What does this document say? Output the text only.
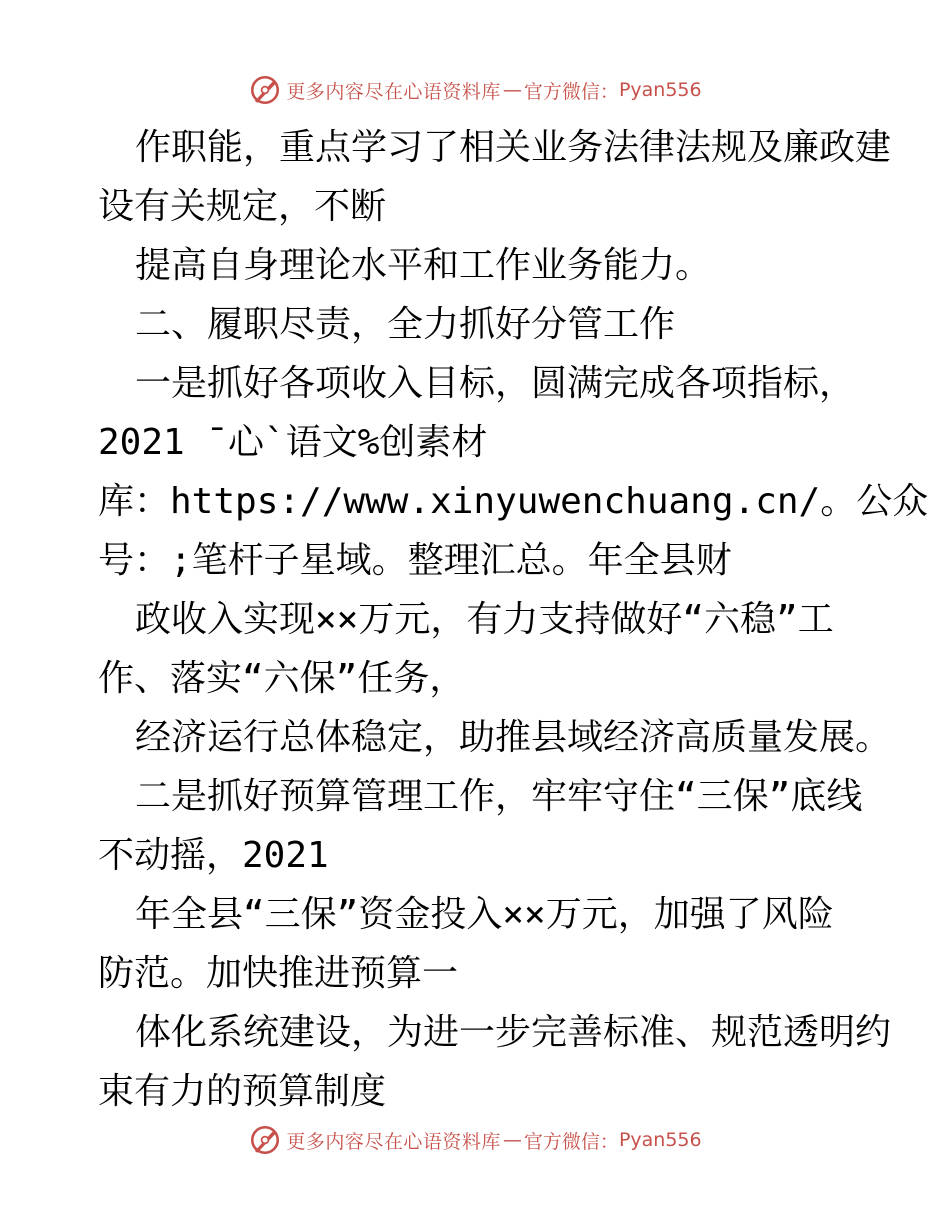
更多内容尽在心语资料库 — 官方微信： Pyan556
作职能，重点学习了相关业务法律法规及廉政建
设有关规定，不断
提高自身理论水平和工作业务能力。
二、履职尽责，全力抓好分管工作
一是抓好各项收入目标，圆满完成各项指标，
2021 ¯心`语文%创素材
库：https://www.xinyuwenchuang.cn/。公众
号：;笔杆子星域。整理汇总。年全县财
政收入实现××万元，有力支持做好“六稳”工
作、落实“六保”任务，
经济运行总体稳定，助推县域经济高质量发展。
二是抓好预算管理工作，牢牢守住“三保”底线
不动摇，2021
年全县“三保”资金投入××万元，加强了风险
防范。加快推进预算一
体化系统建设，为进一步完善标准、规范透明约
束有力的预算制度
更多内容尽在心语资料库 — 官方微信： Pyan556
